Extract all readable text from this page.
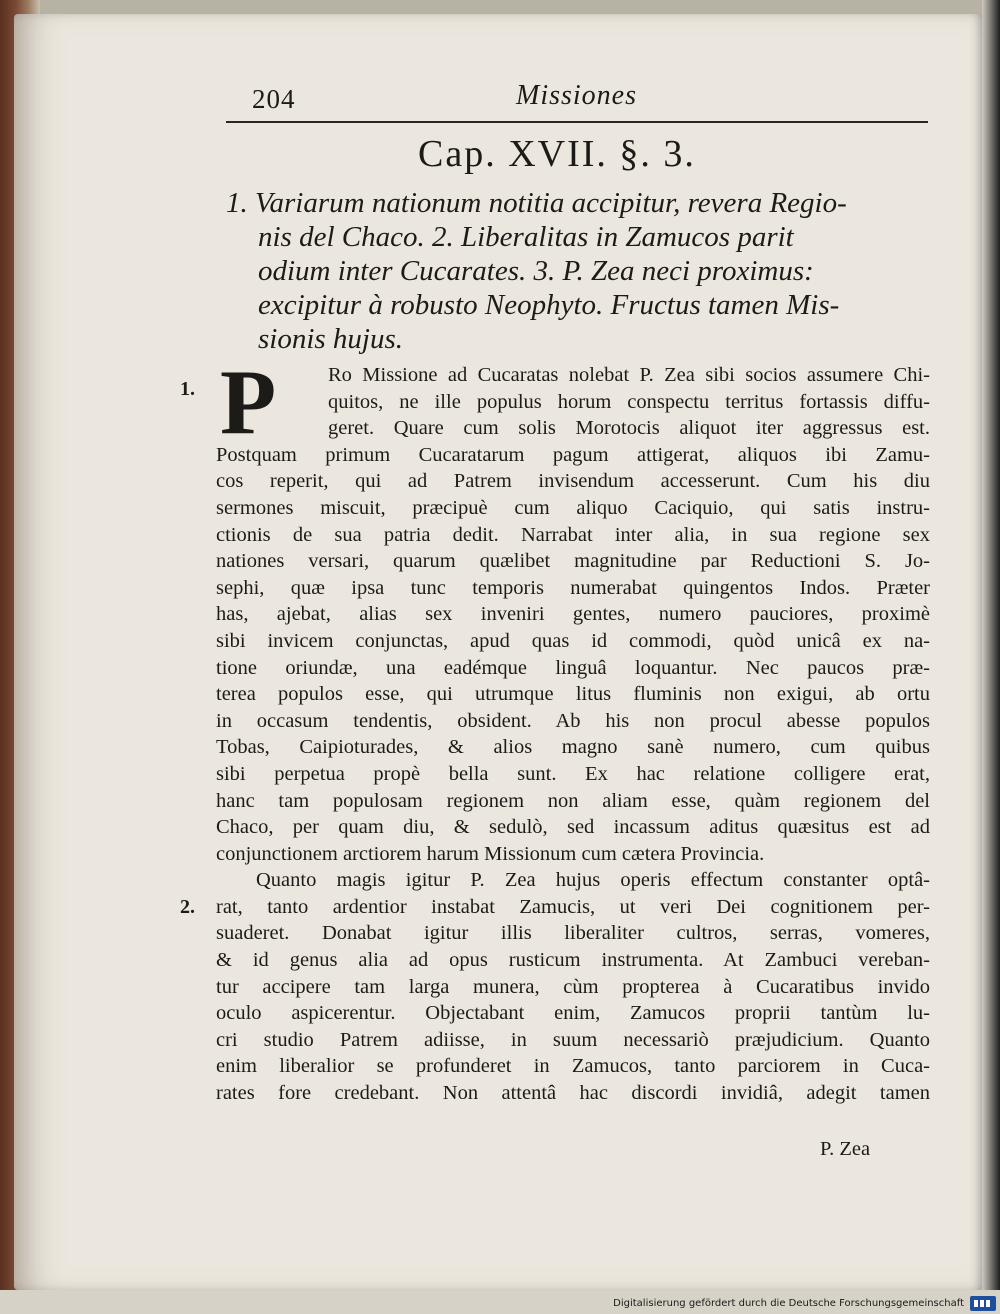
204	Missiones
Cap. XVII. §. 3.
1. Variarum nationum notitia accipitur, revera Regio-
nis del Chaco. 2. Liberalitas in Zamucos parit
odium inter Cucarates. 3. P. Zea neci proximus:
excipitur à robusto Neophyto. Fructus tamen Mis-
sionis hujus.
1.
2.
P	Ro Missione ad Cucaratas nolebat P. Zea sibi socios assumere Chi-
quitos, ne ille populus horum conspectu territus fortassis diffu-
geret. Quare cum solis Morotocis aliquot iter aggressus est.
Postquam primum Cucaratarum pagum attigerat, aliquos ibi Zamu-
cos reperit, qui ad Patrem invisendum accesserunt. Cum his diu
sermones miscuit, præcipuè cum aliquo Caciquio, qui satis instru-
ctionis de sua patria dedit. Narrabat inter alia, in sua regione sex
nationes versari, quarum quælibet magnitudine par Reductioni S. Jo-
sephi, quæ ipsa tunc temporis numerabat quingentos Indos. Præter
has, ajebat, alias sex inveniri gentes, numero pauciores, proximè
sibi invicem conjunctas, apud quas id commodi, quòd unicâ ex na-
tione oriundæ, una eadémque linguâ loquantur. Nec paucos præ-
terea populos esse, qui utrumque litus fluminis non exigui, ab ortu
in occasum tendentis, obsident. Ab his non procul abesse populos
Tobas, Caipioturades, & alios magno sanè numero, cum quibus
sibi perpetua propè bella sunt. Ex hac relatione colligere erat,
hanc tam populosam regionem non aliam esse, quàm regionem del
Chaco, per quam diu, & sedulò, sed incassum aditus quæsitus est ad
conjunctionem arctiorem harum Missionum cum cætera Provincia.
Quanto magis igitur P. Zea hujus operis effectum constanter optâ-
rat, tanto ardentior instabat Zamucis, ut veri Dei cognitionem per-
suaderet. Donabat igitur illis liberaliter cultros, serras, vomeres,
& id genus alia ad opus rusticum instrumenta. At Zambuci vereban-
tur accipere tam larga munera, cùm propterea à Cucaratibus invido
oculo aspicerentur. Objectabant enim, Zamucos proprii tantùm lu-
cri studio Patrem adiisse, in suum necessariò præjudicium. Quanto
enim liberalior se profunderet in Zamucos, tanto parciorem in Cuca-
rates fore credebant. Non attentâ hac discordi invidiâ, adegit tamen
P. Zea
Digitalisierung gefördert durch die Deutsche Forschungsgemeinschaft
